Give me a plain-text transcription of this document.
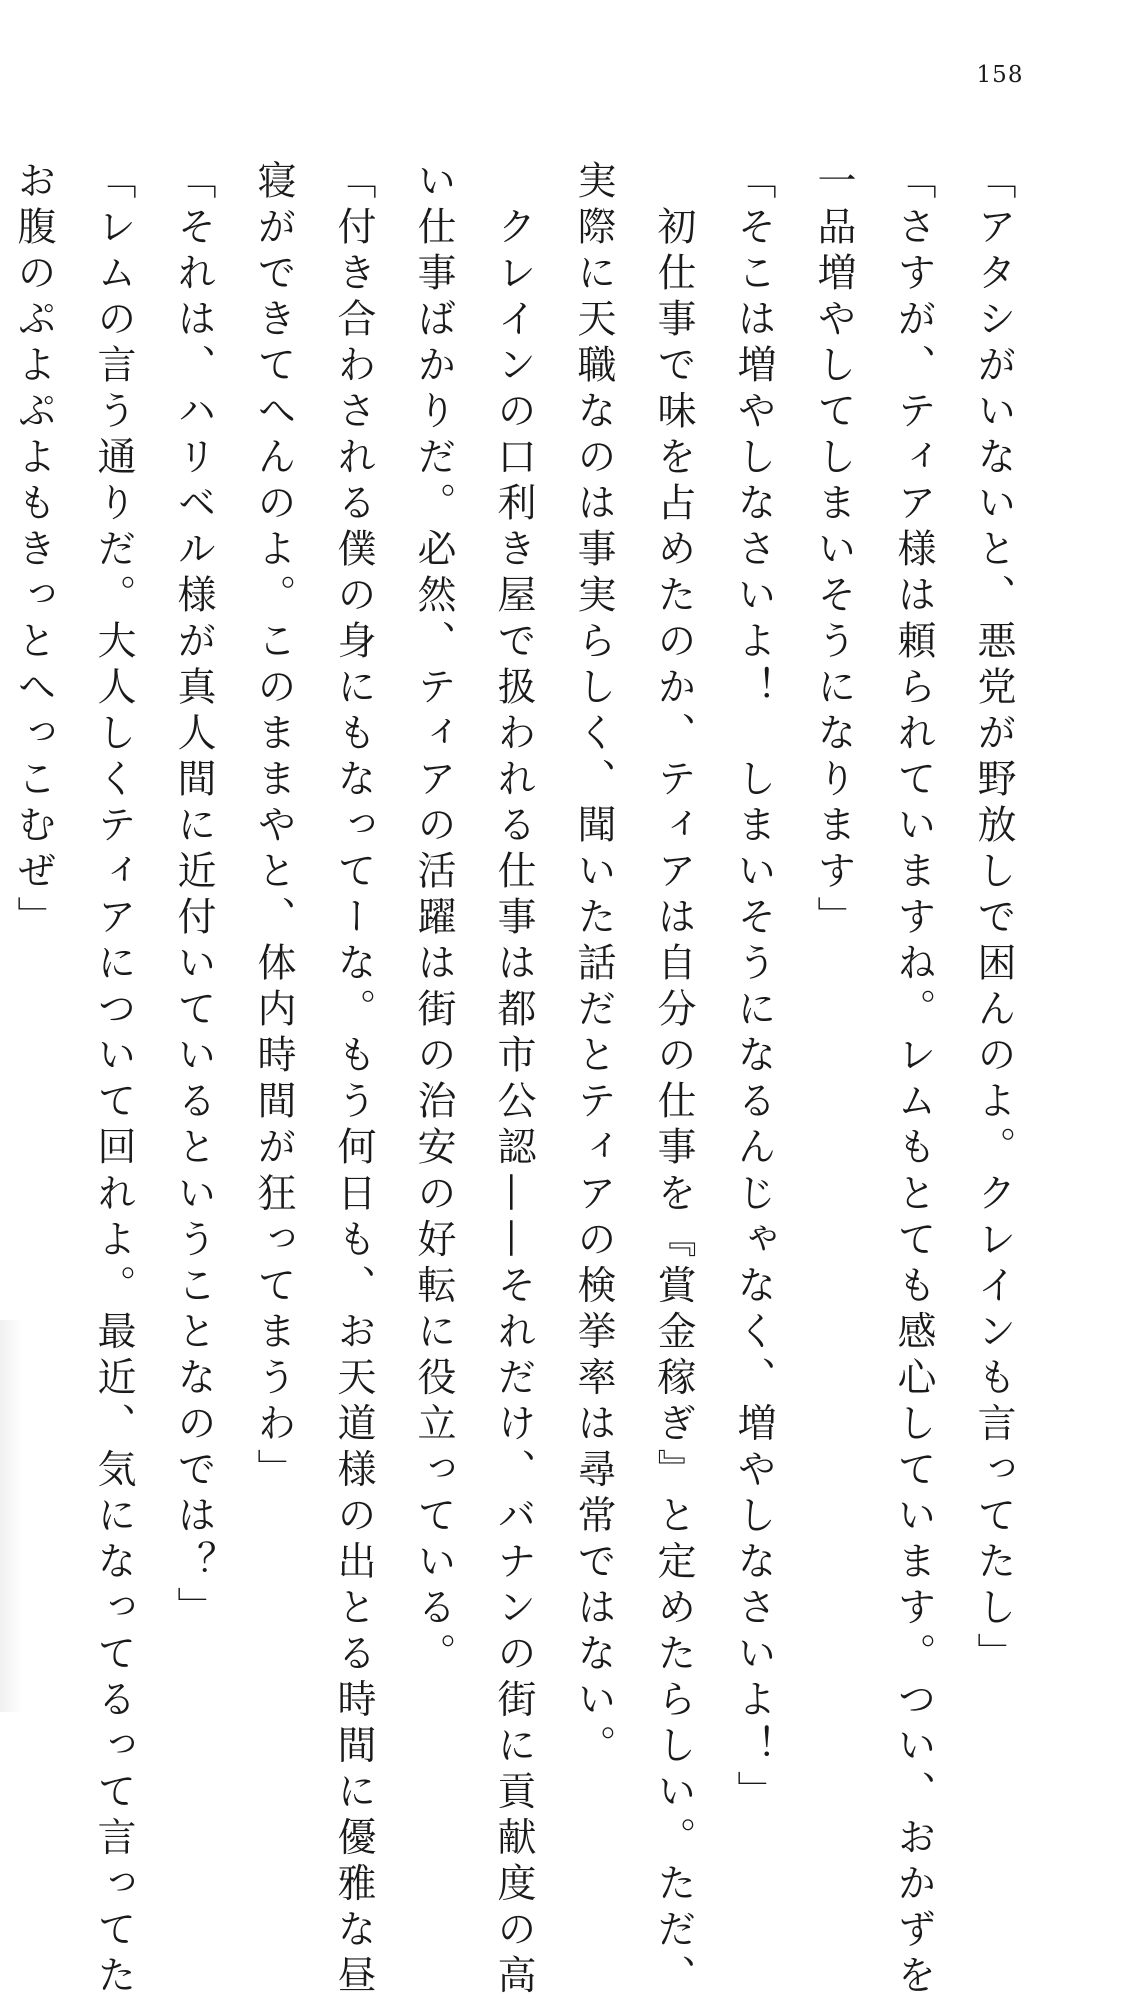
158
「アタシがいないと、悪党が野放しで困んのよ。クレインも言ってたし」
「さすが、ティア様は頼られていますね。レムもとても感心しています。つい、おかずを
一品増やしてしまいそうになります」
「そこは増やしなさいよ！　しまいそうになるんじゃなく、増やしなさいよ！」
　初仕事で味を占めたのか、ティアは自分の仕事を『賞金稼ぎ』と定めたらしい。ただ、
実際に天職なのは事実らしく、聞いた話だとティアの検挙率は尋常ではない。
　クレインの口利き屋で扱われる仕事は都市公認——それだけ、バナンの街に貢献度の高
い仕事ばかりだ。必然、ティアの活躍は街の治安の好転に役立っている。
「付き合わされる僕の身にもなってーな。もう何日も、お天道様の出とる時間に優雅な昼
寝ができてへんのよ。このままやと、体内時間が狂ってまうわ」
「それは、ハリベル様が真人間に近付いているということなのでは？」
「レムの言う通りだ。大人しくティアについて回れよ。最近、気になってるって言ってた
お腹のぷよぷよもきっとへっこむぜ」
